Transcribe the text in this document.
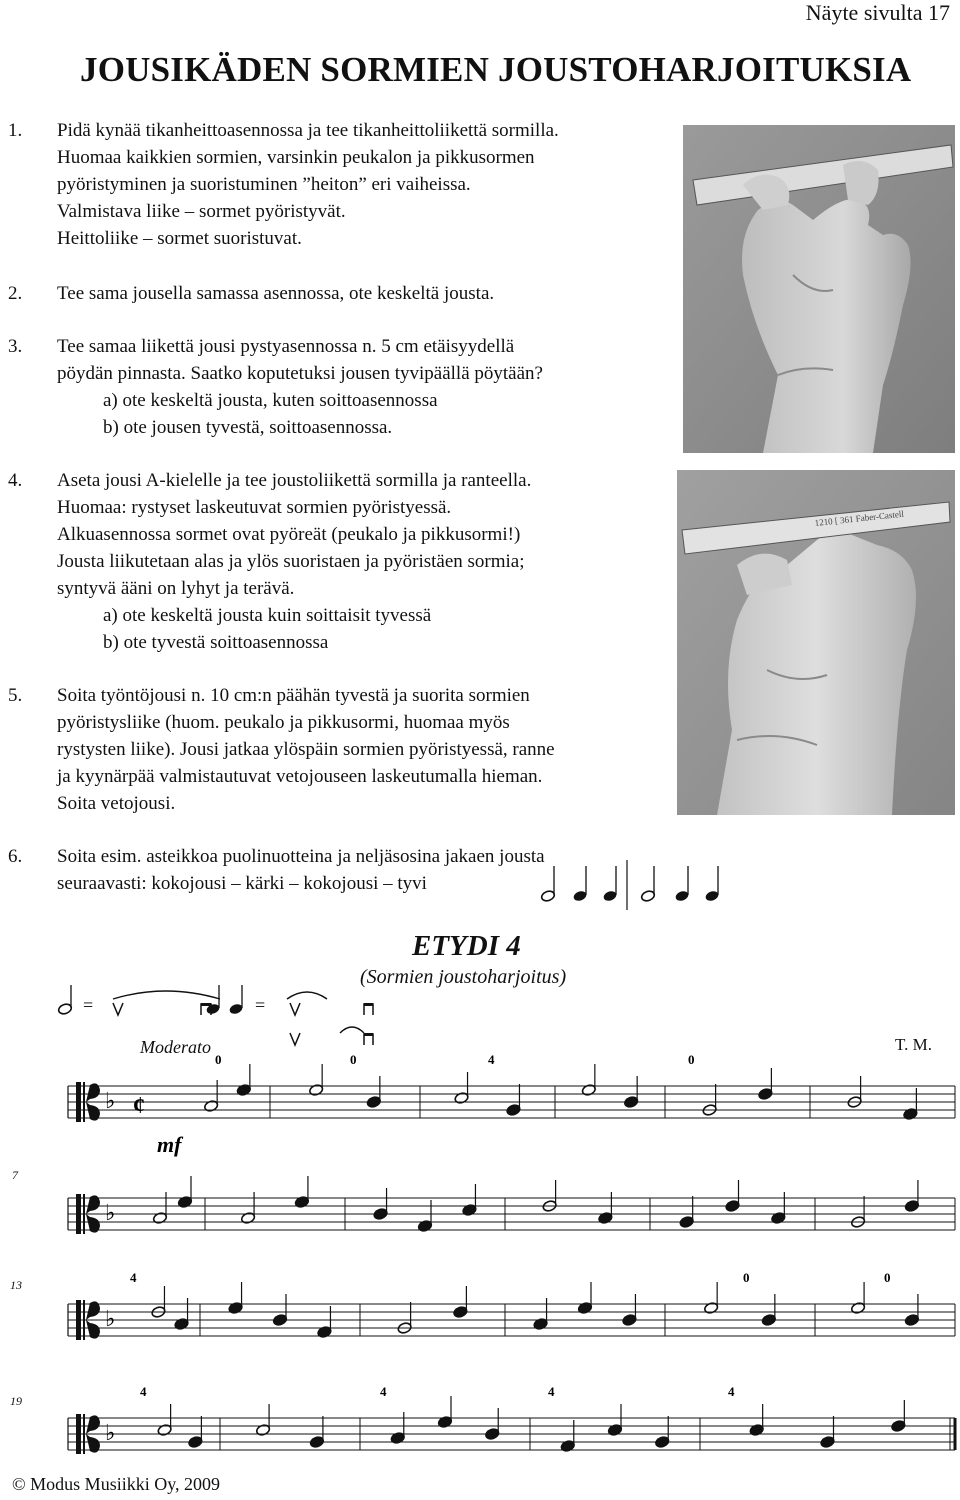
Näyte sivulta 17
JOUSIKÄDEN SORMIEN JOUSTOHARJOITUKSIA
1. Pidä kynää tikanheittoasennossa ja tee tikanheittoliikettä sormilla.
Huomaa kaikkien sormien, varsinkin peukalon ja pikkusormen
pyöristyminen ja suoristuminen ”heiton” eri vaiheissa.
Valmistava liike – sormet pyöristyvät.
Heittoliike – sormet suoristuvat.
2. Tee sama jousella samassa asennossa, ote keskeltä jousta.
3. Tee samaa liikettä jousi pystyasennossa n. 5 cm etäisyydellä
pöydän pinnasta. Saatko koputetuksi jousen tyvipäällä pöytään?
a) ote keskeltä jousta, kuten soittoasennossa
b) ote jousen tyvestä, soittoasennossa.
4. Aseta jousi A-kielelle ja tee joustoliikettä sormilla ja ranteella.
Huomaa: rystyset laskeutuvat sormien pyöristyessä.
Alkuasennossa sormet ovat pyöreät (peukalo ja pikkusormi!)
Jousta liikutetaan alas ja ylös suoristaen ja pyöristäen sormia;
syntyvä ääni on lyhyt ja terävä.
a) ote keskeltä jousta kuin soittaisit tyvessä
b) ote tyvestä soittoasennossa
5. Soita työntöjousi n. 10 cm:n päähän tyvestä ja suorita sormien
pyöristysliike (huom. peukalo ja pikkusormi, huomaa myös
rystysten liike). Jousi jatkaa ylöspäin sormien pyöristyessä, ranne
ja kyynärpää valmistautuvat vetojouseen laskeutumalla hieman.
Soita vetojousi.
6. Soita esim. asteikkoa puolinuotteina ja neljäsosina jakaen jousta
seuraavasti: kokojousi – kärki – kokojousi – tyvi
1210 [ 361 Faber-Castell
ETYDI 4
(Sormien joustoharjoitus)
=	=
Moderato	T. M.
7
13
19
♭ ¢
♭
♭
♭
0	0	4	0
4	0	0
4	4	4	4
mf
© Modus Musiikki Oy, 2009
